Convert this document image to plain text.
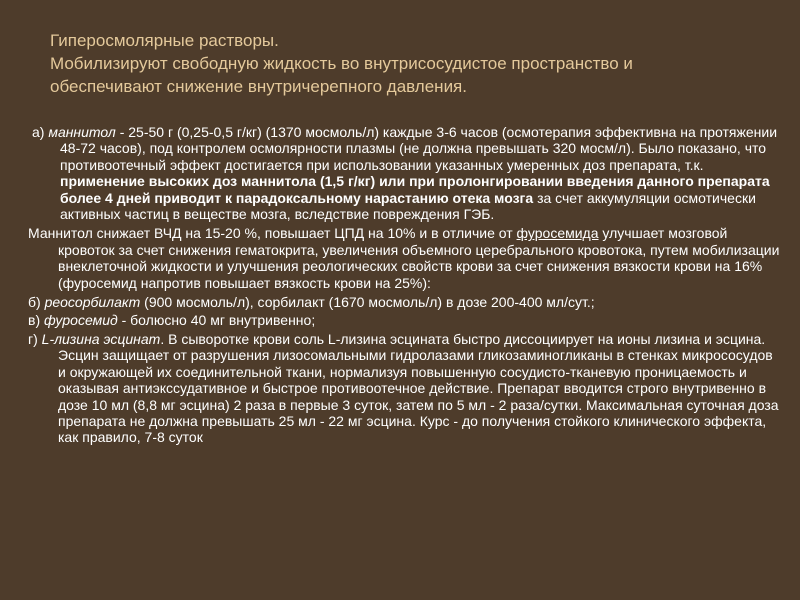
Гиперосмолярные растворы.
Мобилизируют свободную жидкость во внутрисосудистое пространство и
обеспечивают снижение внутричерепного давления.

а) маннитол - 25-50 г (0,25-0,5 г/кг) (1370 мосмоль/л) каждые 3-6 часов (осмотерапия эффективна на протяжении 48-72 часов), под контролем осмолярности плазмы (не должна превышать 320 мосм/л). Было показано, что противоотечный эффект достигается при использовании указанных умеренных доз препарата, т.к. применение высоких доз маннитола (1,5 г/кг) или при пролонгировании введения данного препарата более 4 дней приводит к парадоксальному нарастанию отека мозга за счет аккумуляции осмотически активных частиц в веществе мозга, вследствие повреждения ГЭБ.

Маннитол снижает ВЧД на 15-20 %, повышает ЦПД на 10% и в отличие от фуросемида улучшает мозговой кровоток за счет снижения гематокрита, увеличения объемного церебрального кровотока, путем мобилизации внеклеточной жидкости и улучшения реологических свойств крови за счет снижения вязкости крови на 16% (фуросемид напротив повышает вязкость крови на 25%):

б) реосорбилакт (900 мосмоль/л), сорбилакт (1670 мосмоль/л) в дозе 200-400 мл/сут.;

в) фуросемид - болюсно 40 мг внутривенно;

г) L-лизина эсцинат. В сыворотке крови соль L-лизина эсцината быстро диссоциирует на ионы лизина и эсцина. Эсцин защищает от разрушения лизосомальными гидролазами гликозаминогликаны в стенках микрососудов и окружающей их соединительной ткани, нормализуя повышенную сосудисто-тканевую проницаемость и оказывая антиэкссудативное и быстрое противоотечное действие. Препарат вводится строго внутривенно в дозе 10 мл (8,8 мг эсцина) 2 раза в первые 3 суток, затем по 5 мл - 2 раза/сутки. Максимальная суточная доза препарата не должна превышать 25 мл - 22 мг эсцина. Курс - до получения стойкого клинического эффекта, как правило, 7-8 суток
